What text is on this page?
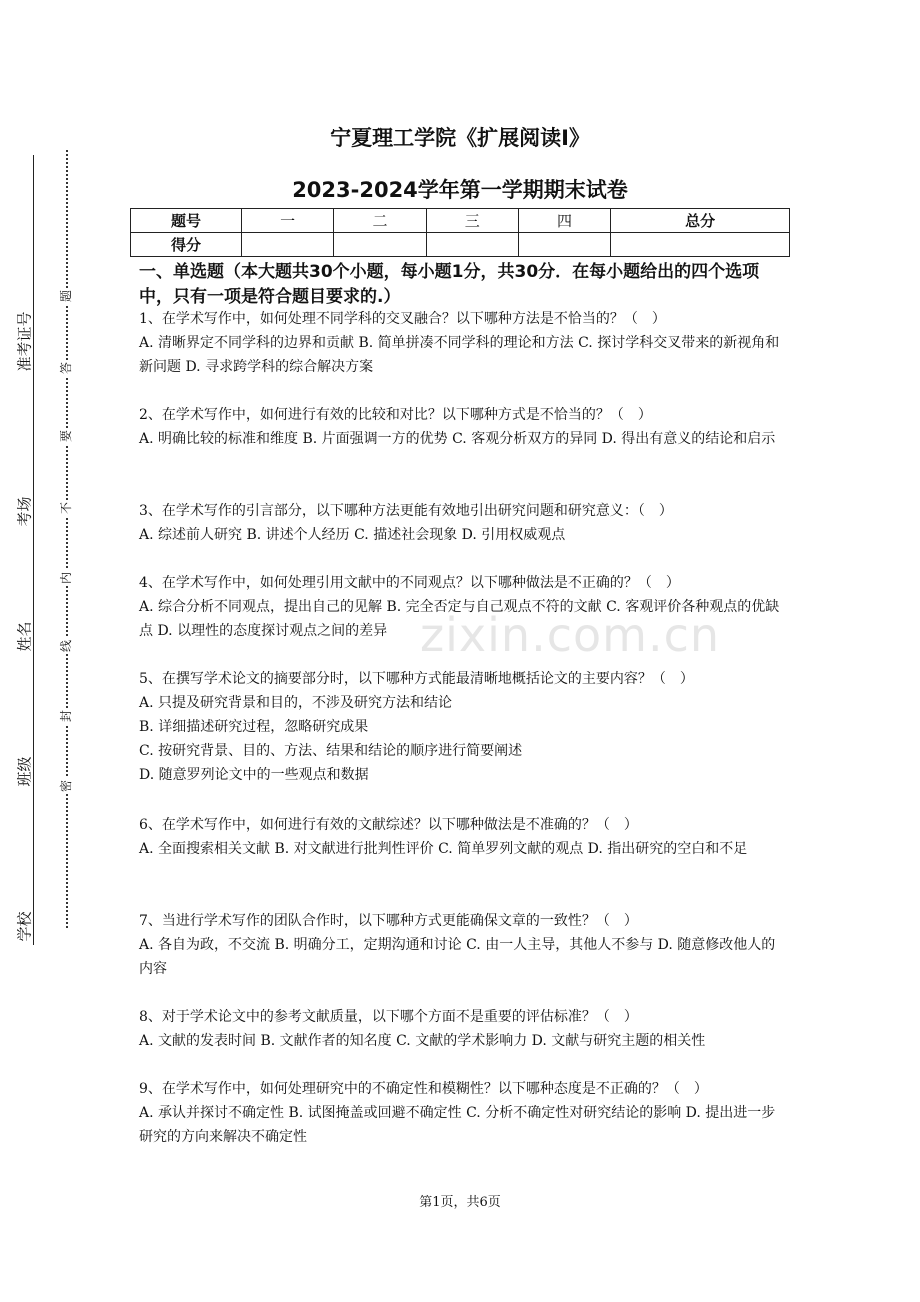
准考证号
考场
姓名
班级
学校
题
答
要
不
内
线
封
密
宁夏理工学院《扩展阅读Ⅰ》
2023-2024学年第一学期期末试卷
题号	一	二	三	四	总分
得分					
一、单选题（本大题共30个小题，每小题1分，共30分．在每小题给出的四个选项中，只有一项是符合题目要求的.）

1、在学术写作中，如何处理不同学科的交叉融合？以下哪种方法是不恰当的？（　）

A. 清晰界定不同学科的边界和贡献 B. 简单拼凑不同学科的理论和方法 C. 探讨学科交叉带来的新视角和新问题 D. 寻求跨学科的综合解决方案

2、在学术写作中，如何进行有效的比较和对比？以下哪种方式是不恰当的？（　）

A. 明确比较的标准和维度 B. 片面强调一方的优势 C. 客观分析双方的异同 D. 得出有意义的结论和启示

3、在学术写作的引言部分，以下哪种方法更能有效地引出研究问题和研究意义：（　）

A. 综述前人研究 B. 讲述个人经历 C. 描述社会现象 D. 引用权威观点

4、在学术写作中，如何处理引用文献中的不同观点？以下哪种做法是不正确的？（　）

A. 综合分析不同观点，提出自己的见解 B. 完全否定与自己观点不符的文献 C. 客观评价各种观点的优缺点 D. 以理性的态度探讨观点之间的差异

5、在撰写学术论文的摘要部分时，以下哪种方式能最清晰地概括论文的主要内容？（　）

A. 只提及研究背景和目的，不涉及研究方法和结论

B. 详细描述研究过程，忽略研究成果

C. 按研究背景、目的、方法、结果和结论的顺序进行简要阐述

D. 随意罗列论文中的一些观点和数据

6、在学术写作中，如何进行有效的文献综述？以下哪种做法是不准确的？（　）

A. 全面搜索相关文献 B. 对文献进行批判性评价 C. 简单罗列文献的观点 D. 指出研究的空白和不足

7、当进行学术写作的团队合作时，以下哪种方式更能确保文章的一致性？（　）

A. 各自为政，不交流 B. 明确分工，定期沟通和讨论 C. 由一人主导，其他人不参与 D. 随意修改他人的内容

8、对于学术论文中的参考文献质量，以下哪个方面不是重要的评估标准？（　）

A. 文献的发表时间 B. 文献作者的知名度 C. 文献的学术影响力 D. 文献与研究主题的相关性

9、在学术写作中，如何处理研究中的不确定性和模糊性？以下哪种态度是不正确的？（　）

A. 承认并探讨不确定性 B. 试图掩盖或回避不确定性 C. 分析不确定性对研究结论的影响 D. 提出进一步研究的方向来解决不确定性

zixin.com.cn
第1页，共6页
